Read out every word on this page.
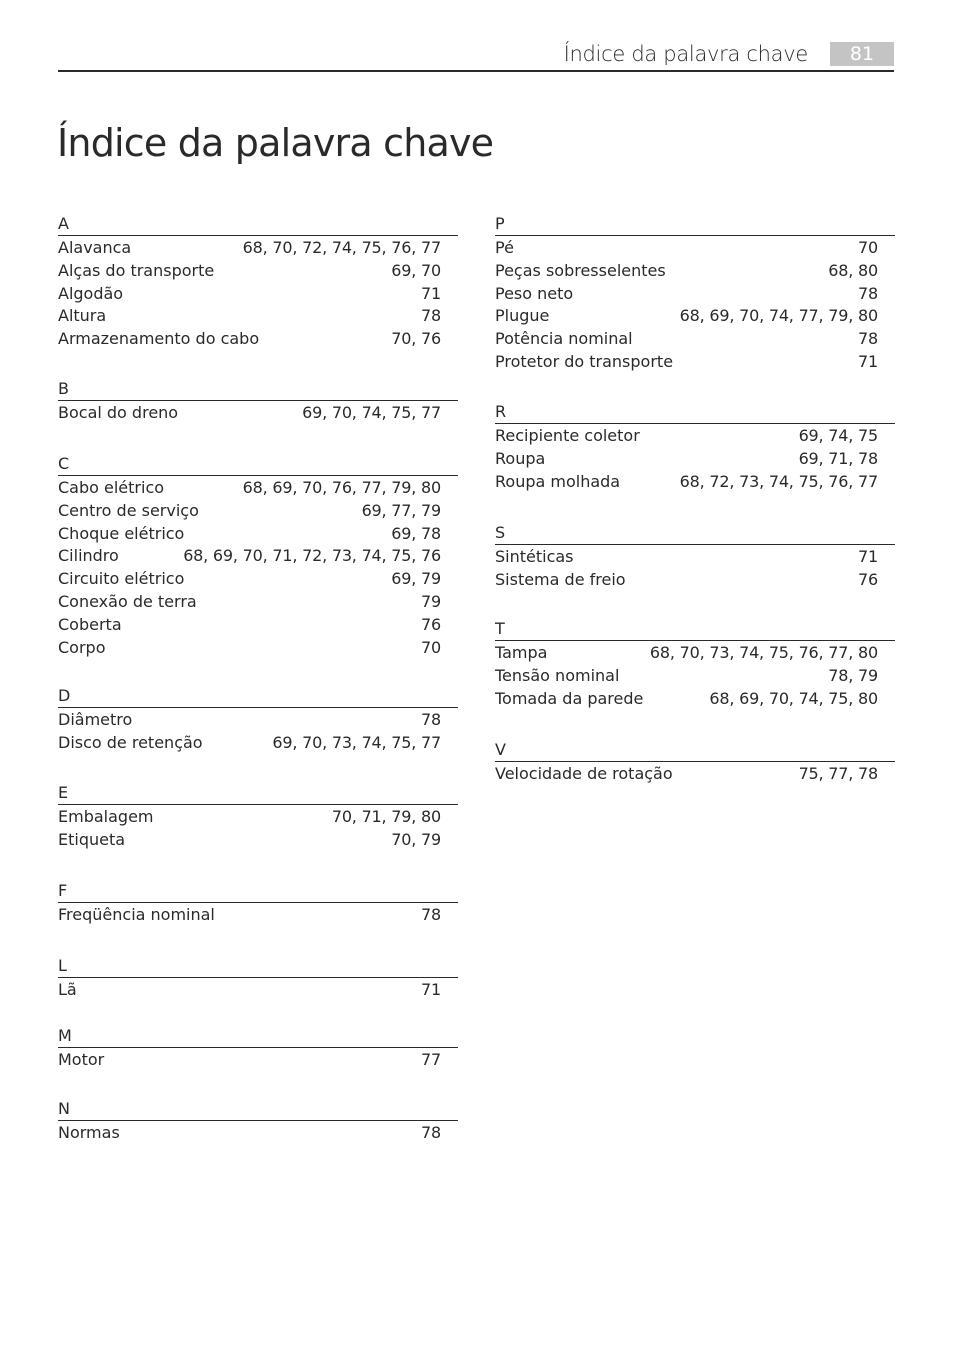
Índice da palavra chave	81
Índice da palavra chave
A
Alavanca	68, 70, 72, 74, 75, 76, 77
Alças do transporte	69, 70
Algodão	71
Altura	78
Armazenamento do cabo	70, 76
B
Bocal do dreno	69, 70, 74, 75, 77
C
Cabo elétrico	68, 69, 70, 76, 77, 79, 80
Centro de serviço	69, 77, 79
Choque elétrico	69, 78
Cilindro	68, 69, 70, 71, 72, 73, 74, 75, 76
Circuito elétrico	69, 79
Conexão de terra	79
Coberta	76
Corpo	70
D
Diâmetro	78
Disco de retenção	69, 70, 73, 74, 75, 77
E
Embalagem	70, 71, 79, 80
Etiqueta	70, 79
F
Freqüência nominal	78
L
Lã	71
M
Motor	77
N
Normas	78
P
Pé	70
Peças sobresselentes	68, 80
Peso neto	78
Plugue	68, 69, 70, 74, 77, 79, 80
Potência nominal	78
Protetor do transporte	71
R
Recipiente coletor	69, 74, 75
Roupa	69, 71, 78
Roupa molhada	68, 72, 73, 74, 75, 76, 77
S
Sintéticas	71
Sistema de freio	76
T
Tampa	68, 70, 73, 74, 75, 76, 77, 80
Tensão nominal	78, 79
Tomada da parede	68, 69, 70, 74, 75, 80
V
Velocidade de rotação	75, 77, 78
